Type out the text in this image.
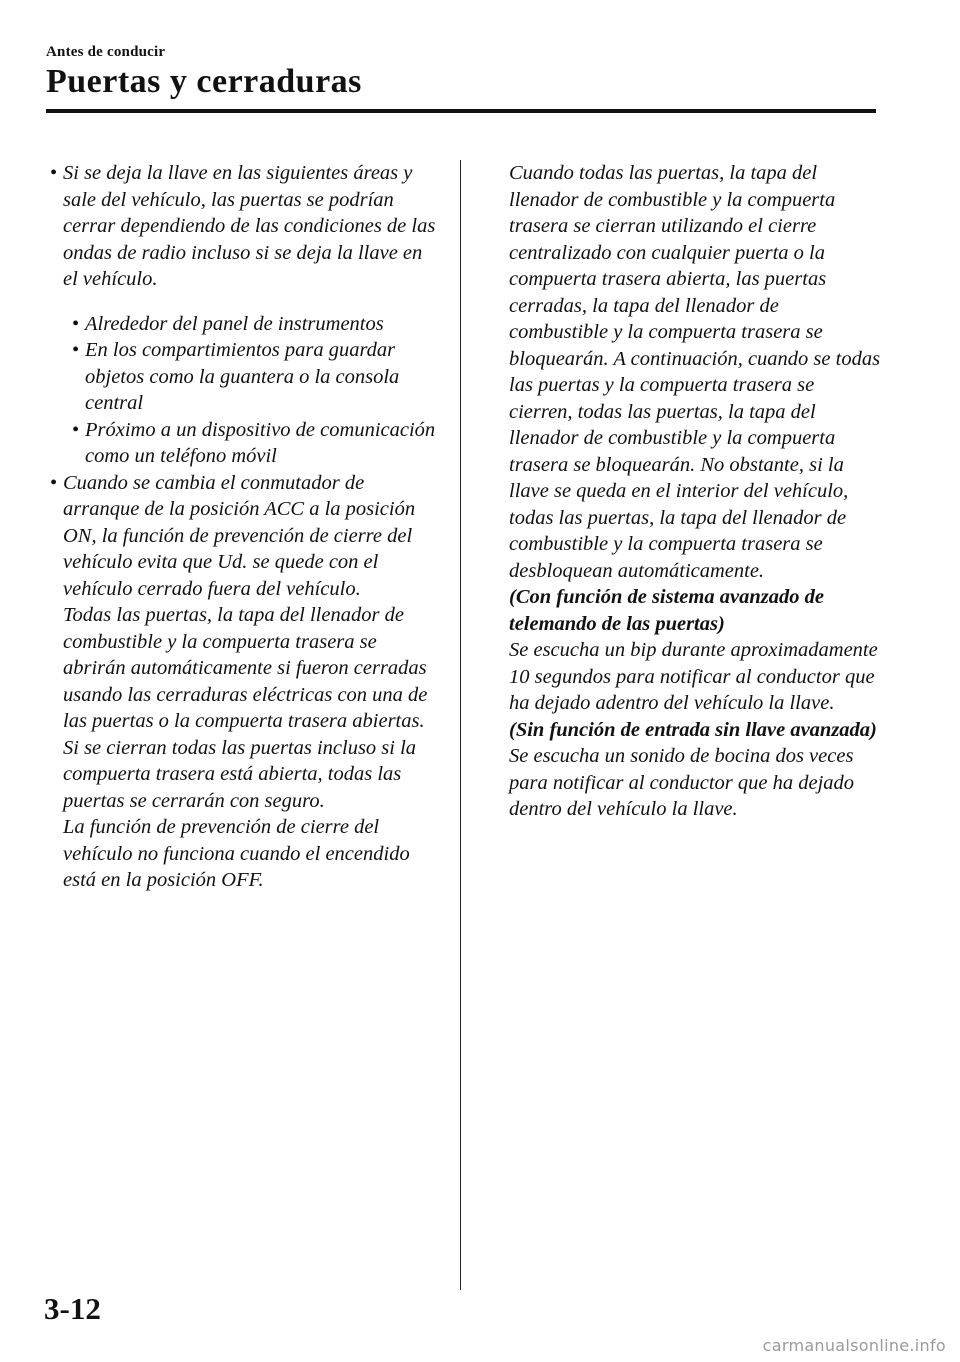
Antes de conducir
Puertas y cerraduras
• Si se deja la llave en las siguientes áreas y sale del vehículo, las puertas se podrían cerrar dependiendo de las condiciones de las ondas de radio incluso si se deja la llave en el vehículo.
• Alrededor del panel de instrumentos
• En los compartimientos para guardar objetos como la guantera o la consola central
• Próximo a un dispositivo de comunicación como un teléfono móvil
• Cuando se cambia el conmutador de arranque de la posición ACC a la posición ON, la función de prevención de cierre del vehículo evita que Ud. se quede con el vehículo cerrado fuera del vehículo.
Todas las puertas, la tapa del llenador de combustible y la compuerta trasera se abrirán automáticamente si fueron cerradas usando las cerraduras eléctricas con una de las puertas o la compuerta trasera abiertas.
Si se cierran todas las puertas incluso si la compuerta trasera está abierta, todas las puertas se cerrarán con seguro.
La función de prevención de cierre del vehículo no funciona cuando el encendido está en la posición OFF.

Cuando todas las puertas, la tapa del llenador de combustible y la compuerta trasera se cierran utilizando el cierre centralizado con cualquier puerta o la compuerta trasera abierta, las puertas cerradas, la tapa del llenador de combustible y la compuerta trasera se bloquearán. A continuación, cuando se todas las puertas y la compuerta trasera se cierren, todas las puertas, la tapa del llenador de combustible y la compuerta trasera se bloquearán. No obstante, si la llave se queda en el interior del vehículo, todas las puertas, la tapa del llenador de combustible y la compuerta trasera se desbloquean automáticamente.

(Con función de sistema avanzado de telemando de las puertas)

Se escucha un bip durante aproximadamente 10 segundos para notificar al conductor que ha dejado adentro del vehículo la llave.

(Sin función de entrada sin llave avanzada)

Se escucha un sonido de bocina dos veces para notificar al conductor que ha dejado dentro del vehículo la llave.

3-12
carmanualsonline.info
